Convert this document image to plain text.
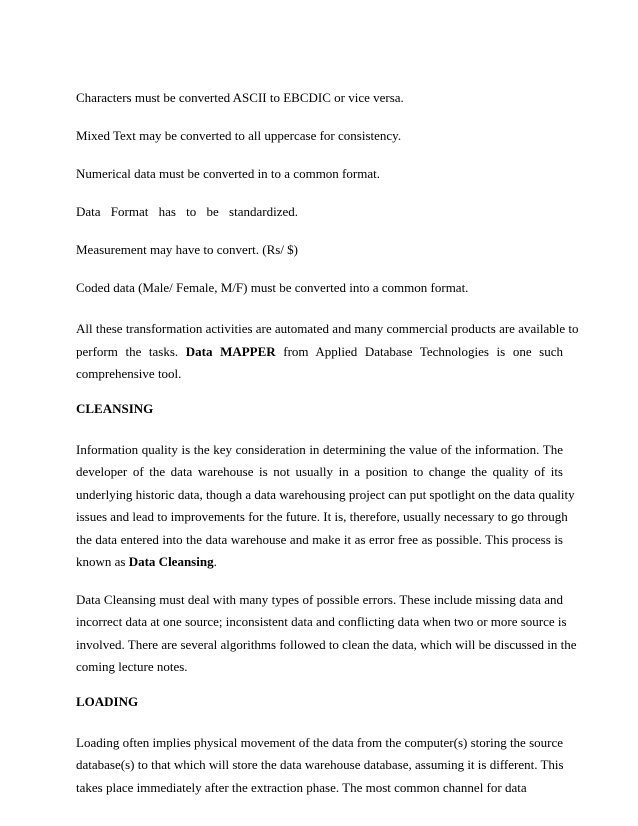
Characters must be converted ASCII to EBCDIC or vice versa.

Mixed Text may be converted to all uppercase for consistency.

Numerical data must be converted in to a common format.

Data Format has to be standardized.

Measurement may have to convert. (Rs/ $)

Coded data (Male/ Female, M/F) must be converted into a common format.

All these transformation activities are automated and many commercial products are available to
perform the tasks. Data MAPPER from Applied Database Technologies is one such
comprehensive tool.
CLEANSING
Information quality is the key consideration in determining the value of the information. The
developer of the data warehouse is not usually in a position to change the quality of its
underlying historic data, though a data warehousing project can put spotlight on the data quality
issues and lead to improvements for the future. It is, therefore, usually necessary to go through
the data entered into the data warehouse and make it as error free as possible. This process is
known as Data Cleansing.
Data Cleansing must deal with many types of possible errors. These include missing data and
incorrect data at one source; inconsistent data and conflicting data when two or more source is
involved. There are several algorithms followed to clean the data, which will be discussed in the
coming lecture notes.
LOADING
Loading often implies physical movement of the data from the computer(s) storing the source
database(s) to that which will store the data warehouse database, assuming it is different. This
takes place immediately after the extraction phase. The most common channel for data
